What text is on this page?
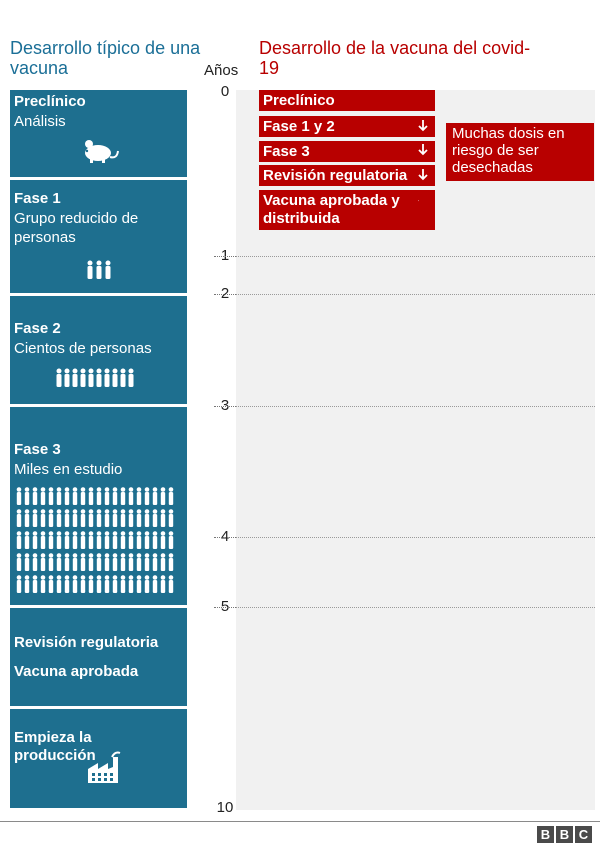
Desarrollo típico de una vacuna
Desarrollo de la vacuna del covid-19
Años
0
1
2
3
4
5
10
Preclínico
Análisis
Fase 1
Grupo reducido de personas
Fase 2
Cientos de personas
Fase 3
Miles en estudio
Revisión regulatoria
Vacuna aprobada
Empieza la producción
Preclínico
Fase 1 y 2
Fase 3
Revisión regulatoria
Vacuna aprobada y distribuida
Muchas dosis en riesgo de ser desechadas
B B C
